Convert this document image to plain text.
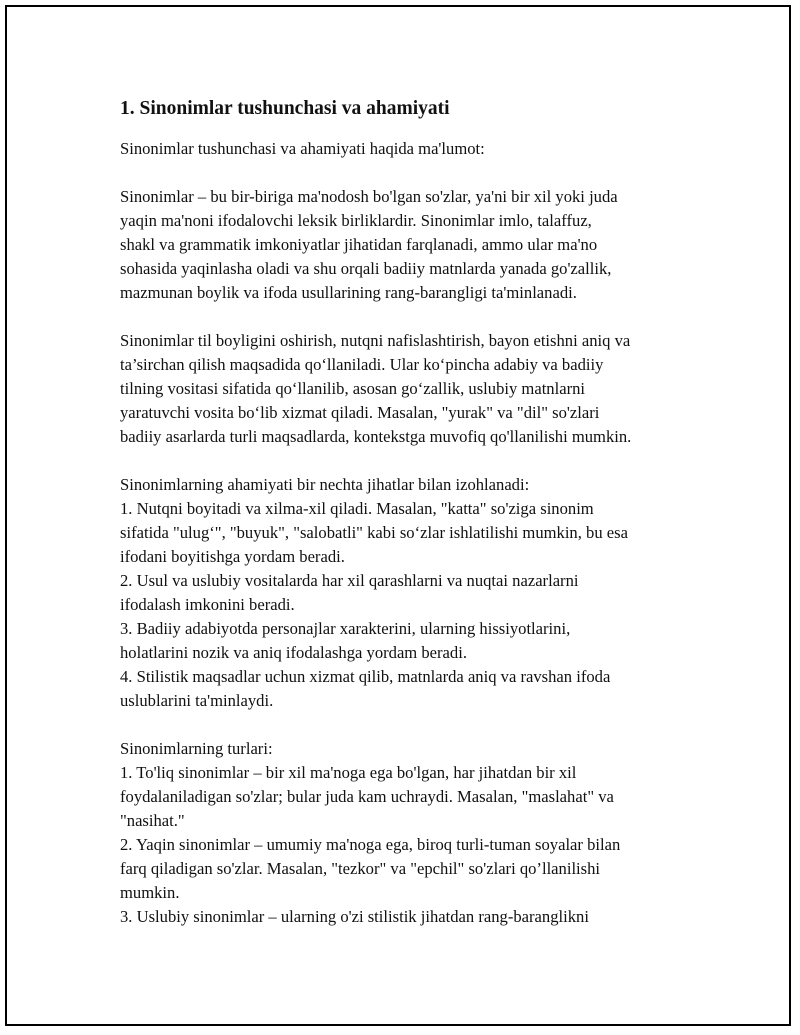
1. Sinonimlar tushunchasi va ahamiyati
Sinonimlar tushunchasi va ahamiyati haqida ma'lumot:
Sinonimlar – bu bir-biriga ma'nodosh bo'lgan so'zlar, ya'ni bir xil yoki juda
yaqin ma'noni ifodalovchi leksik birliklardir. Sinonimlar imlo, talaffuz,
shakl va grammatik imkoniyatlar jihatidan farqlanadi, ammo ular ma'no
sohasida yaqinlasha oladi va shu orqali badiiy matnlarda yanada go'zallik,
mazmunan boylik va ifoda usullarining rang-barangligi ta'minlanadi.
Sinonimlar til boyligini oshirish, nutqni nafislashtirish, bayon etishni aniq va
ta’sirchan qilish maqsadida qo‘llaniladi. Ular ko‘pincha adabiy va badiiy
tilning vositasi sifatida qo‘llanilib, asosan go‘zallik, uslubiy matnlarni
yaratuvchi vosita bo‘lib xizmat qiladi. Masalan, "yurak" va "dil" so'zlari
badiiy asarlarda turli maqsadlarda, kontekstga muvofiq qo'llanilishi mumkin.
Sinonimlarning ahamiyati bir nechta jihatlar bilan izohlanadi:
1. Nutqni boyitadi va xilma-xil qiladi. Masalan, "katta" so'ziga sinonim
sifatida "ulug‘", "buyuk", "salobatli" kabi so‘zlar ishlatilishi mumkin, bu esa
ifodani boyitishga yordam beradi.
2. Usul va uslubiy vositalarda har xil qarashlarni va nuqtai nazarlarni
ifodalash imkonini beradi.
3. Badiiy adabiyotda personajlar xarakterini, ularning hissiyotlarini,
holatlarini nozik va aniq ifodalashga yordam beradi.
4. Stilistik maqsadlar uchun xizmat qilib, matnlarda aniq va ravshan ifoda
uslublarini ta'minlaydi.
Sinonimlarning turlari:
1. To'liq sinonimlar – bir xil ma'noga ega bo'lgan, har jihatdan bir xil
foydalaniladigan so'zlar; bular juda kam uchraydi. Masalan, "maslahat" va
"nasihat."
2. Yaqin sinonimlar – umumiy ma'noga ega, biroq turli-tuman soyalar bilan
farq qiladigan so'zlar. Masalan, "tezkor" va "epchil" so'zlari qo’llanilishi
mumkin.
3. Uslubiy sinonimlar – ularning o'zi stilistik jihatdan rang-baranglikni
